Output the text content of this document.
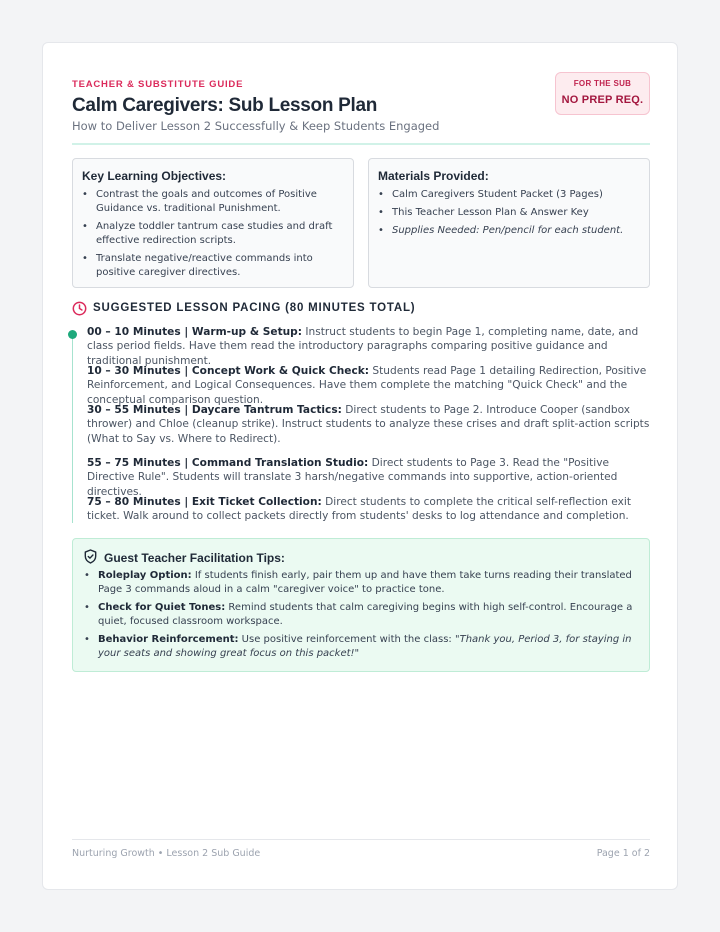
TEACHER & SUBSTITUTE GUIDE
Calm Caregivers: Sub Lesson Plan
How to Deliver Lesson 2 Successfully & Keep Students Engaged
FOR THE SUB
NO PREP REQ.
Key Learning Objectives:
• Contrast the goals and outcomes of Positive Guidance vs. traditional Punishment.
• Analyze toddler tantrum case studies and draft effective redirection scripts.
• Translate negative/reactive commands into positive caregiver directives.
Materials Provided:
• Calm Caregivers Student Packet (3 Pages)
• This Teacher Lesson Plan & Answer Key
• Supplies Needed: Pen/pencil for each student.
SUGGESTED LESSON PACING (80 MINUTES TOTAL)
00 – 10 Minutes | Warm-up & Setup: Instruct students to begin Page 1, completing name, date, and class period fields. Have them read the introductory paragraphs comparing positive guidance and traditional punishment.
10 – 30 Minutes | Concept Work & Quick Check: Students read Page 1 detailing Redirection, Positive Reinforcement, and Logical Consequences. Have them complete the matching "Quick Check" and the conceptual comparison question.
30 – 55 Minutes | Daycare Tantrum Tactics: Direct students to Page 2. Introduce Cooper (sandbox thrower) and Chloe (cleanup strike). Instruct students to analyze these crises and draft split-action scripts (What to Say vs. Where to Redirect).
55 – 75 Minutes | Command Translation Studio: Direct students to Page 3. Read the "Positive Directive Rule". Students will translate 3 harsh/negative commands into supportive, action-oriented directives.
75 – 80 Minutes | Exit Ticket Collection: Direct students to complete the critical self-reflection exit ticket. Walk around to collect packets directly from students' desks to log attendance and completion.
Guest Teacher Facilitation Tips:
• Roleplay Option: If students finish early, pair them up and have them take turns reading their translated Page 3 commands aloud in a calm "caregiver voice" to practice tone.
• Check for Quiet Tones: Remind students that calm caregiving begins with high self-control. Encourage a quiet, focused classroom workspace.
• Behavior Reinforcement: Use positive reinforcement with the class: "Thank you, Period 3, for staying in your seats and showing great focus on this packet!"
Nurturing Growth • Lesson 2 Sub Guide	Page 1 of 2
